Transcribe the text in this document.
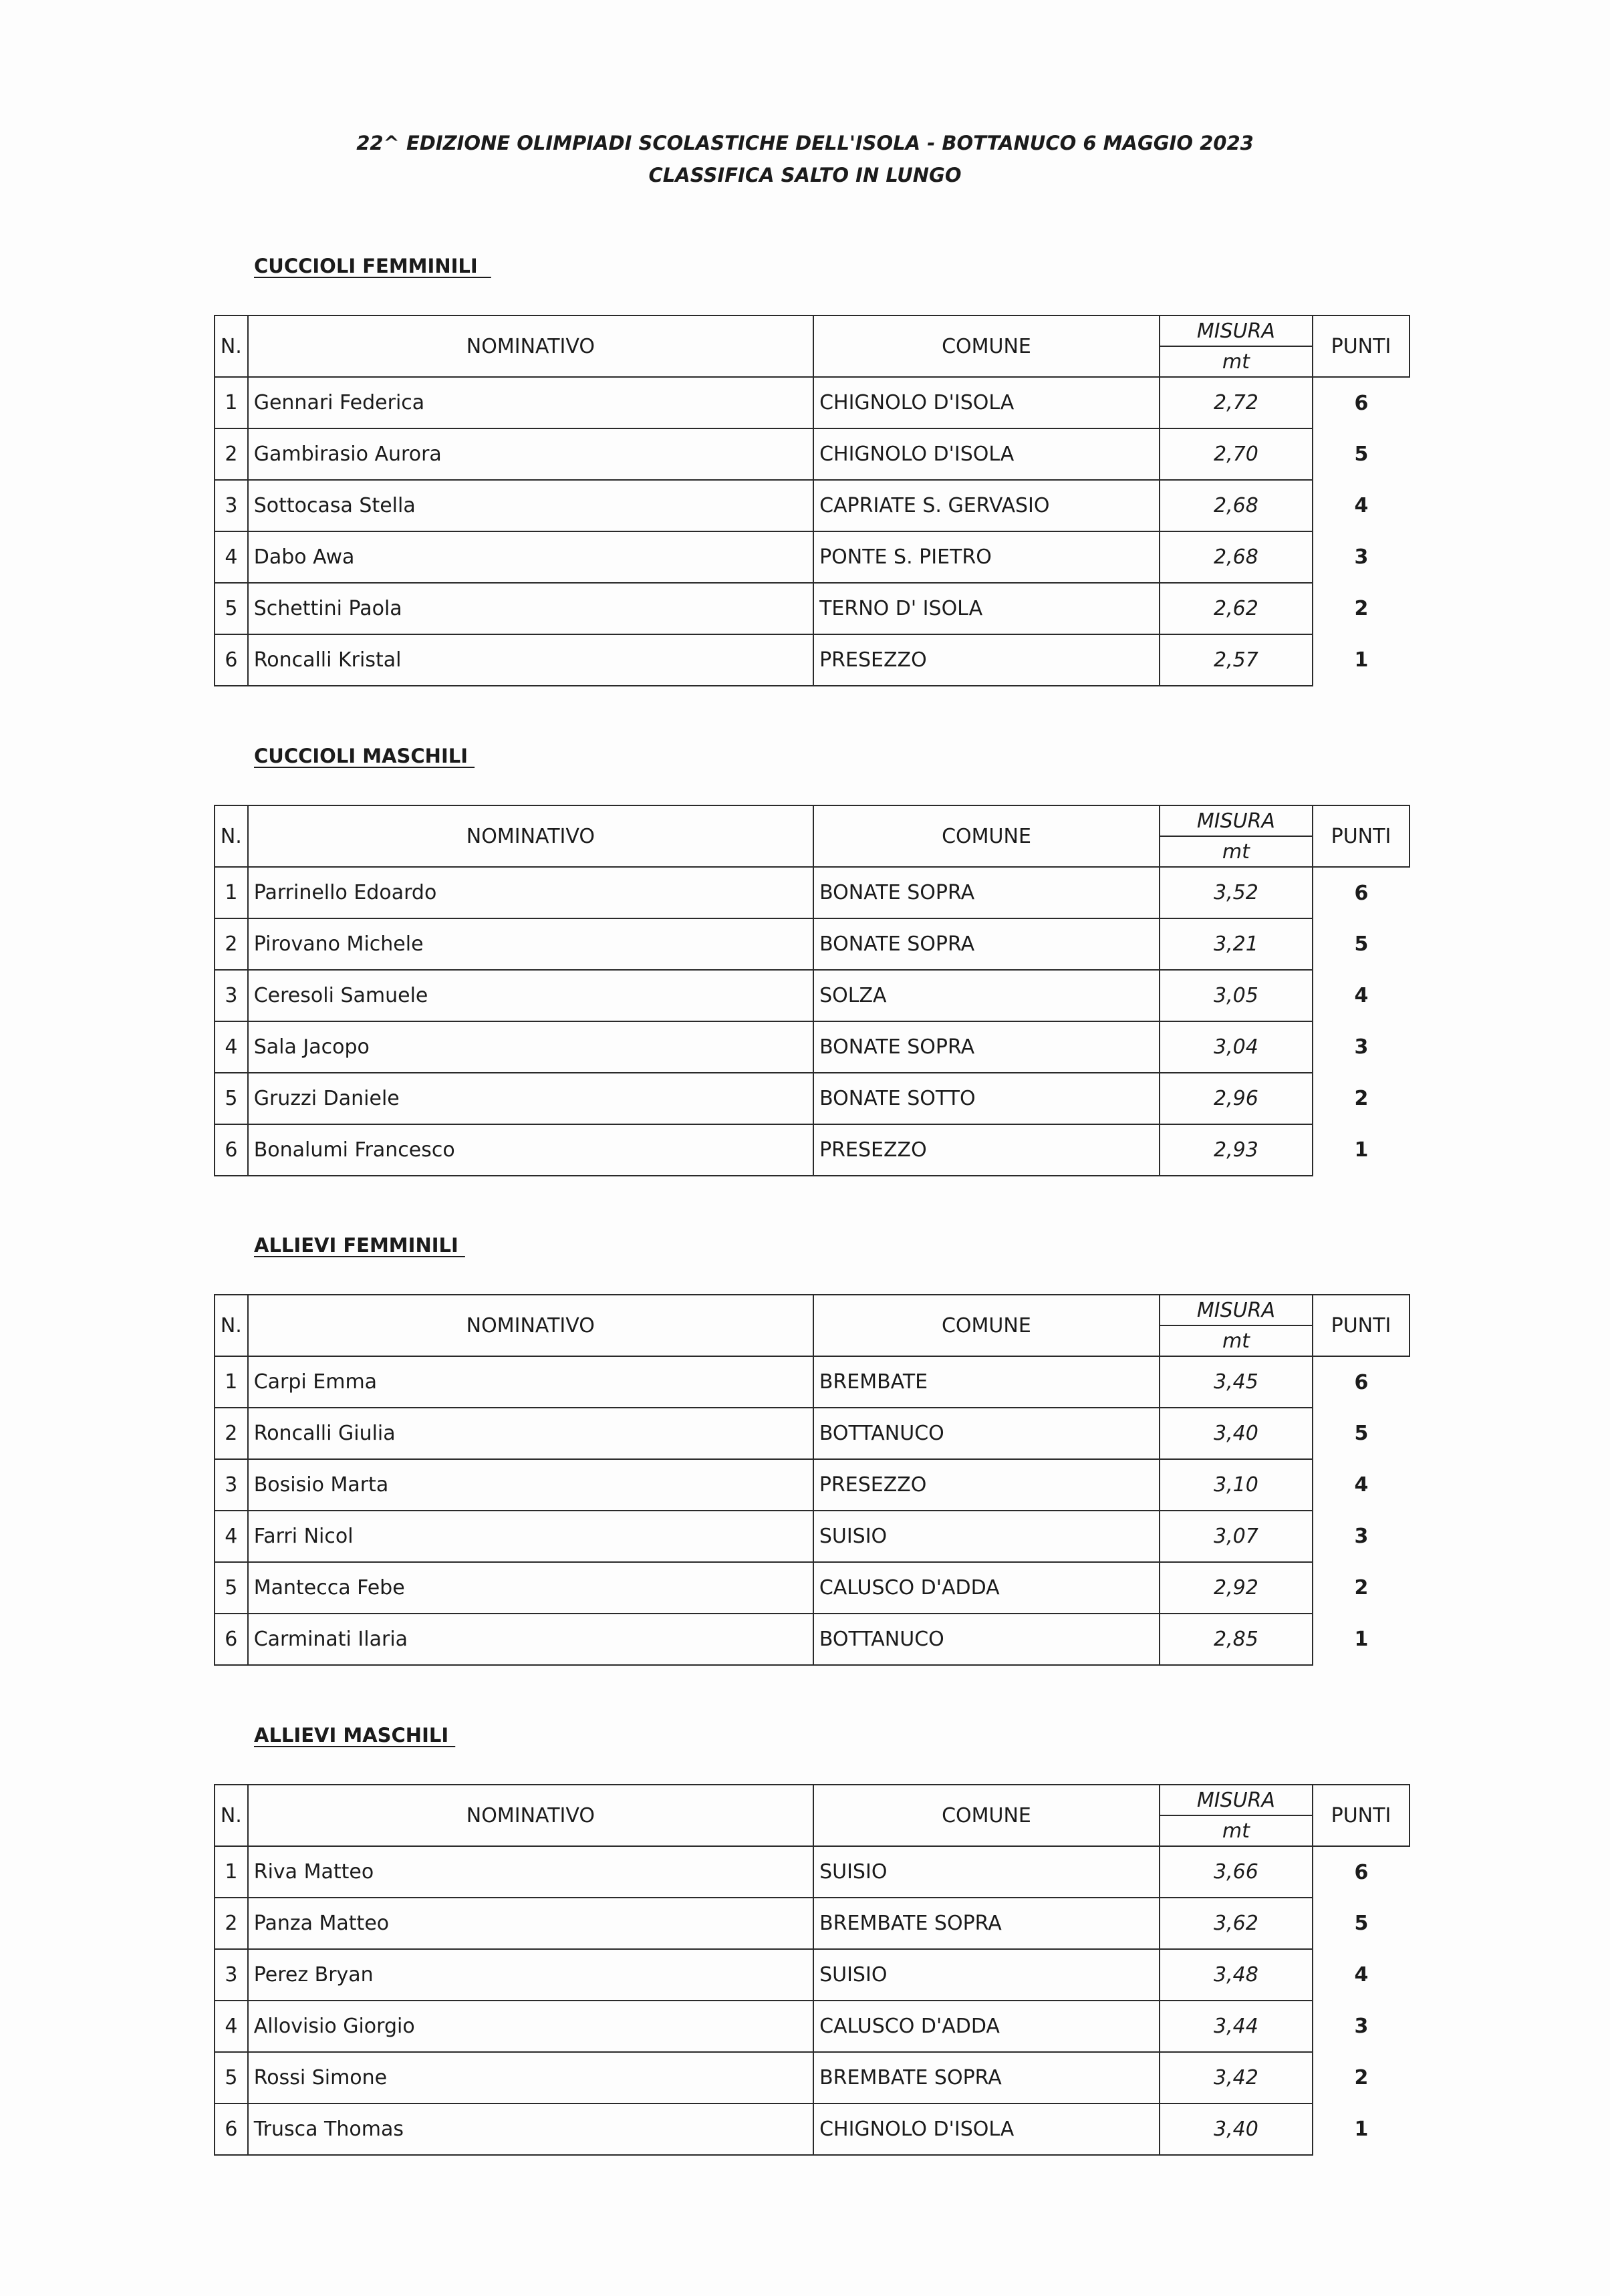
22^ EDIZIONE OLIMPIADI SCOLASTICHE DELL'ISOLA - BOTTANUCO 6 MAGGIO 2023
CLASSIFICA SALTO IN LUNGO
CUCCIOLI FEMMINILI
N.	NOMINATIVO	COMUNE	MISURA	PUNTI
			mt	
1	Gennari Federica	CHIGNOLO D'ISOLA	2,72	6
2	Gambirasio Aurora	CHIGNOLO D'ISOLA	2,70	5
3	Sottocasa Stella	CAPRIATE S. GERVASIO	2,68	4
4	Dabo Awa	PONTE S. PIETRO	2,68	3
5	Schettini Paola	TERNO D' ISOLA	2,62	2
6	Roncalli Kristal	PRESEZZO	2,57	1
CUCCIOLI MASCHILI
N.	NOMINATIVO	COMUNE	MISURA	PUNTI
			mt	
1	Parrinello Edoardo	BONATE SOPRA	3,52	6
2	Pirovano Michele	BONATE SOPRA	3,21	5
3	Ceresoli Samuele	SOLZA	3,05	4
4	Sala Jacopo	BONATE SOPRA	3,04	3
5	Gruzzi Daniele	BONATE SOTTO	2,96	2
6	Bonalumi Francesco	PRESEZZO	2,93	1
ALLIEVI FEMMINILI
N.	NOMINATIVO	COMUNE	MISURA	PUNTI
			mt	
1	Carpi Emma	BREMBATE	3,45	6
2	Roncalli Giulia	BOTTANUCO	3,40	5
3	Bosisio Marta	PRESEZZO	3,10	4
4	Farri Nicol	SUISIO	3,07	3
5	Mantecca Febe	CALUSCO D'ADDA	2,92	2
6	Carminati Ilaria	BOTTANUCO	2,85	1
ALLIEVI MASCHILI
N.	NOMINATIVO	COMUNE	MISURA	PUNTI
			mt	
1	Riva Matteo	SUISIO	3,66	6
2	Panza Matteo	BREMBATE SOPRA	3,62	5
3	Perez Bryan	SUISIO	3,48	4
4	Allovisio Giorgio	CALUSCO D'ADDA	3,44	3
5	Rossi Simone	BREMBATE SOPRA	3,42	2
6	Trusca Thomas	CHIGNOLO D'ISOLA	3,40	1
